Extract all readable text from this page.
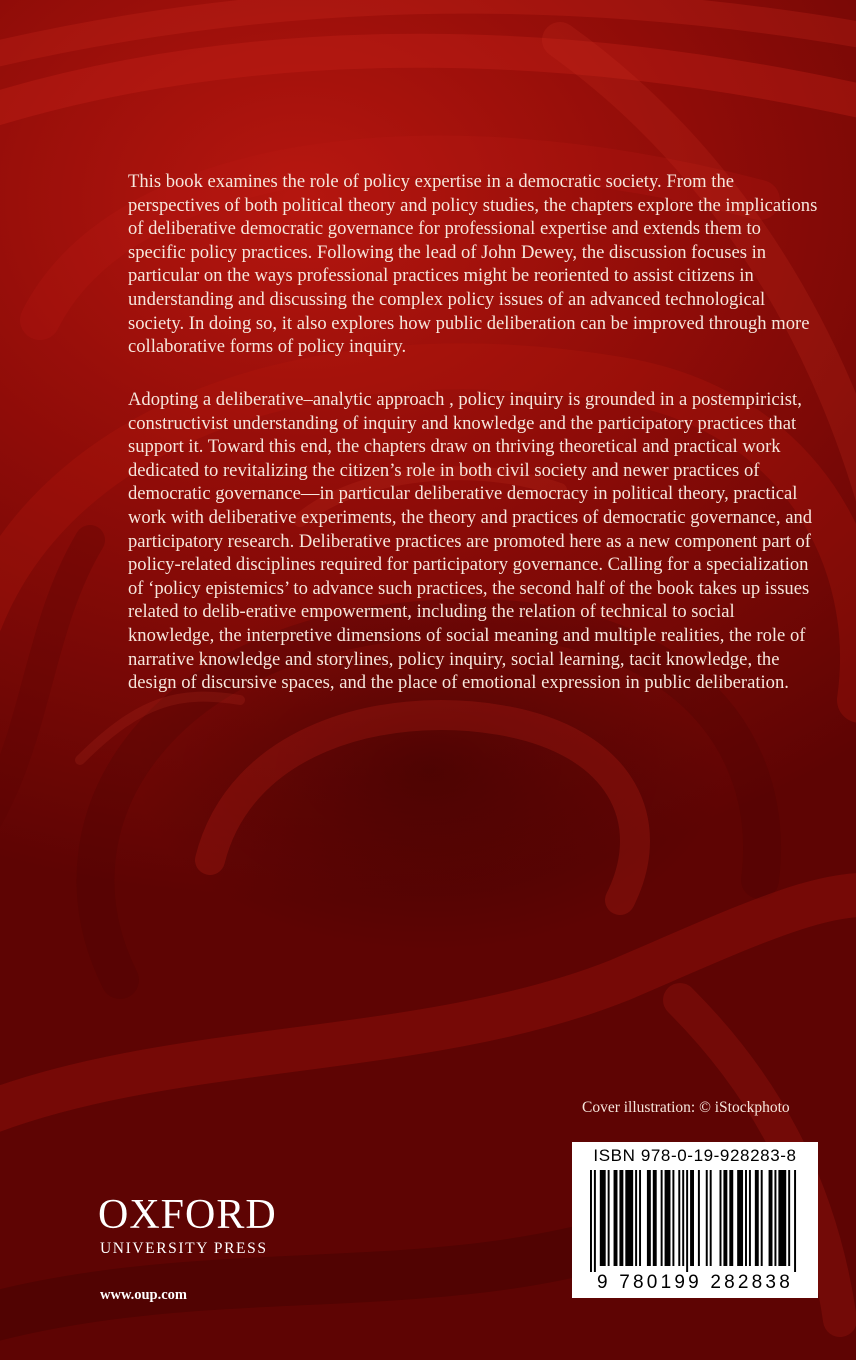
This book examines the role of policy expertise in a democratic society. From the perspectives of both political theory and policy studies, the chapters explore the implications of deliberative democratic governance for professional expertise and extends them to specific policy practices. Following the lead of John Dewey, the discussion focuses in particular on the ways professional practices might be reoriented to assist citizens in understanding and discussing the complex policy issues of an advanced technological society. In doing so, it also explores how public deliberation can be improved through more collaborative forms of policy inquiry.

Adopting a deliberative–analytic approach , policy inquiry is grounded in a postempiricist, constructivist understanding of inquiry and knowledge and the participatory practices that support it. Toward this end, the chapters draw on thriving theoretical and practical work dedicated to revitalizing the citizen’s role in both civil society and newer practices of democratic governance—in particular deliberative democracy in political theory, practical work with deliberative experiments, the theory and practices of democratic governance, and participatory research. Deliberative practices are promoted here as a new component part of policy-related disciplines required for participatory governance. Calling for a specialization of ‘policy epistemics’ to advance such practices, the second half of the book takes up issues related to delib-erative empowerment, including the relation of technical to social knowledge, the interpretive dimensions of social meaning and multiple realities, the role of narrative knowledge and storylines, policy inquiry, social learning, tacit knowledge, the design of discursive spaces, and the place of emotional expression in public deliberation.

Cover illustration: © iStockphoto
ISBN 978-0-19-928283-8
9 780199 282838
OXFORD
UNIVERSITY PRESS
www.oup.com
